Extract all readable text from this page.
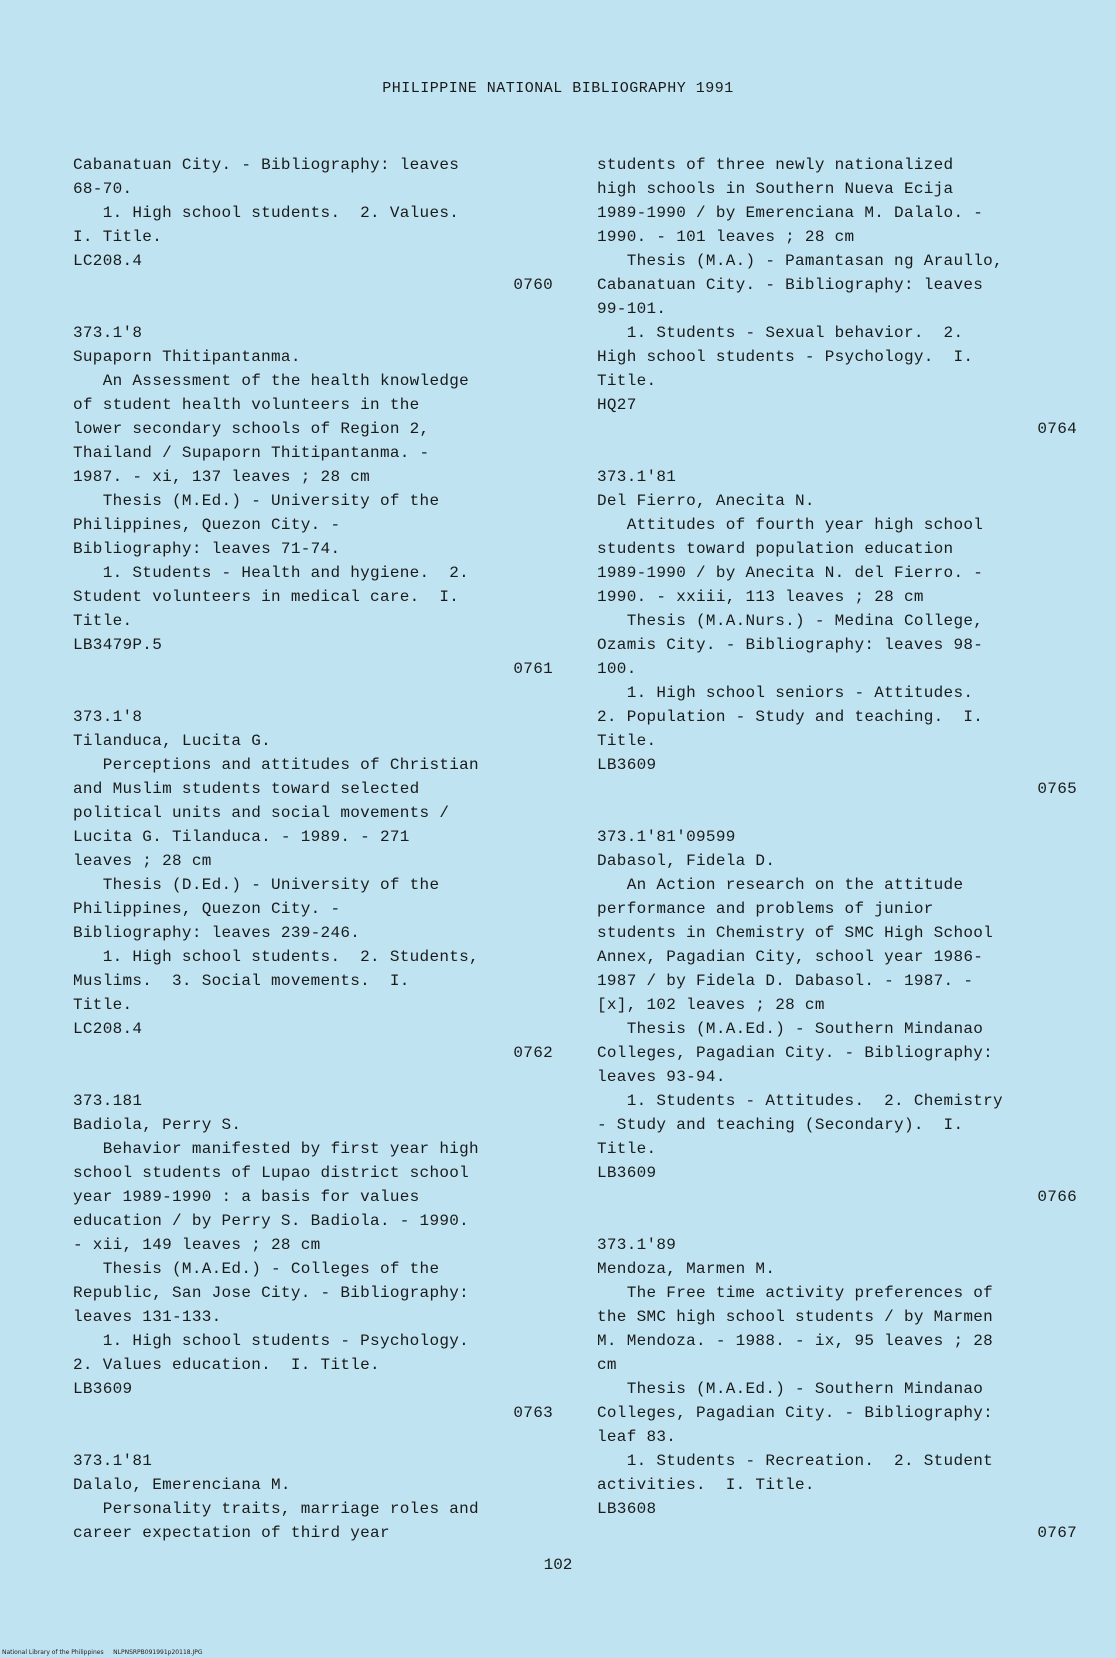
PHILIPPINE NATIONAL BIBLIOGRAPHY 1991
Cabanatuan City. - Bibliography: leaves
68-70.
1. High school students.  2. Values.
I. Title.
LC208.4
0760
373.1'8
Supaporn Thitipantanma.
An Assessment of the health knowledge
of student health volunteers in the
lower secondary schools of Region 2,
Thailand / Supaporn Thitipantanma. -
1987. - xi, 137 leaves ; 28 cm
Thesis (M.Ed.) - University of the
Philippines, Quezon City. -
Bibliography: leaves 71-74.
1. Students - Health and hygiene.  2.
Student volunteers in medical care.  I.
Title.
LB3479P.5
0761
373.1'8
Tilanduca, Lucita G.
Perceptions and attitudes of Christian
and Muslim students toward selected
political units and social movements /
Lucita G. Tilanduca. - 1989. - 271
leaves ; 28 cm
Thesis (D.Ed.) - University of the
Philippines, Quezon City. -
Bibliography: leaves 239-246.
1. High school students.  2. Students,
Muslims.  3. Social movements.  I.
Title.
LC208.4
0762
373.181
Badiola, Perry S.
Behavior manifested by first year high
school students of Lupao district school
year 1989-1990 : a basis for values
education / by Perry S. Badiola. - 1990.
- xii, 149 leaves ; 28 cm
Thesis (M.A.Ed.) - Colleges of the
Republic, San Jose City. - Bibliography:
leaves 131-133.
1. High school students - Psychology.
2. Values education.  I. Title.
LB3609
0763
373.1'81
Dalalo, Emerenciana M.
Personality traits, marriage roles and
career expectation of third year
students of three newly nationalized
high schools in Southern Nueva Ecija
1989-1990 / by Emerenciana M. Dalalo. -
1990. - 101 leaves ; 28 cm
Thesis (M.A.) - Pamantasan ng Araullo,
Cabanatuan City. - Bibliography: leaves
99-101.
1. Students - Sexual behavior.  2.
High school students - Psychology.  I.
Title.
HQ27
0764
373.1'81
Del Fierro, Anecita N.
Attitudes of fourth year high school
students toward population education
1989-1990 / by Anecita N. del Fierro. -
1990. - xxiii, 113 leaves ; 28 cm
Thesis (M.A.Nurs.) - Medina College,
Ozamis City. - Bibliography: leaves 98-
100.
1. High school seniors - Attitudes.
2. Population - Study and teaching.  I.
Title.
LB3609
0765
373.1'81'09599
Dabasol, Fidela D.
An Action research on the attitude
performance and problems of junior
students in Chemistry of SMC High School
Annex, Pagadian City, school year 1986-
1987 / by Fidela D. Dabasol. - 1987. -
[x], 102 leaves ; 28 cm
Thesis (M.A.Ed.) - Southern Mindanao
Colleges, Pagadian City. - Bibliography:
leaves 93-94.
1. Students - Attitudes.  2. Chemistry
- Study and teaching (Secondary).  I.
Title.
LB3609
0766
373.1'89
Mendoza, Marmen M.
The Free time activity preferences of
the SMC high school students / by Marmen
M. Mendoza. - 1988. - ix, 95 leaves ; 28
cm
Thesis (M.A.Ed.) - Southern Mindanao
Colleges, Pagadian City. - Bibliography:
leaf 83.
1. Students - Recreation.  2. Student
activities.  I. Title.
LB3608
0767
102
National Library of the Philippines NLPNSRPB091991p20118.JPG
